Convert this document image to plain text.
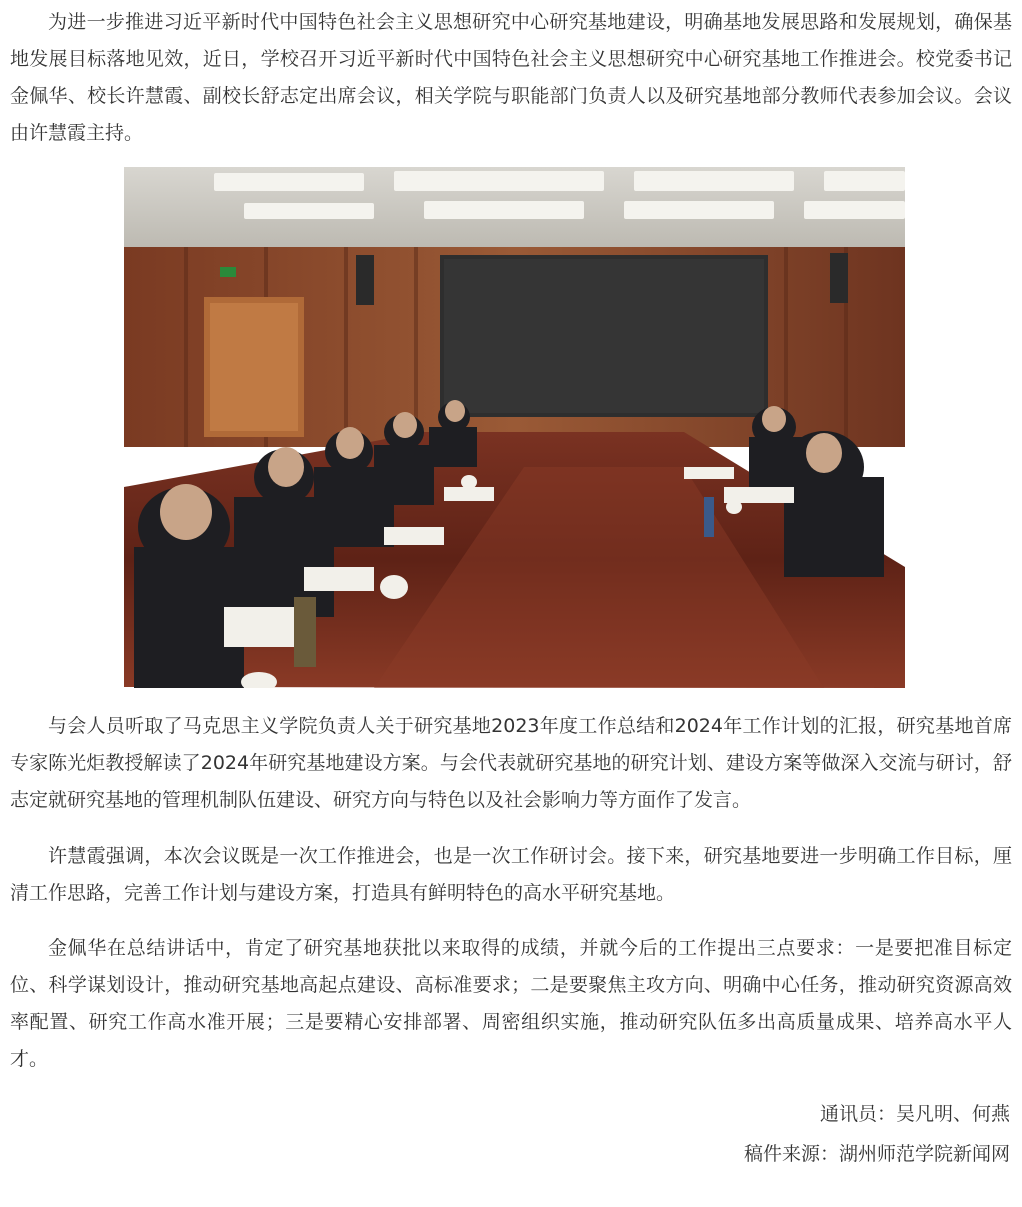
为进一步推进习近平新时代中国特色社会主义思想研究中心研究基地建设，明确基地发展思路和发展规划，确保基地发展目标落地见效，近日，学校召开习近平新时代中国特色社会主义思想研究中心研究基地工作推进会。校党委书记金佩华、校长许慧霞、副校长舒志定出席会议，相关学院与职能部门负责人以及研究基地部分教师代表参加会议。会议由许慧霞主持。

与会人员听取了马克思主义学院负责人关于研究基地2023年度工作总结和2024年工作计划的汇报，研究基地首席专家陈光炬教授解读了2024年研究基地建设方案。与会代表就研究基地的研究计划、建设方案等做深入交流与研讨，舒志定就研究基地的管理机制队伍建设、研究方向与特色以及社会影响力等方面作了发言。

许慧霞强调，本次会议既是一次工作推进会，也是一次工作研讨会。接下来，研究基地要进一步明确工作目标，厘清工作思路，完善工作计划与建设方案，打造具有鲜明特色的高水平研究基地。

金佩华在总结讲话中，肯定了研究基地获批以来取得的成绩，并就今后的工作提出三点要求：一是要把准目标定位、科学谋划设计，推动研究基地高起点建设、高标准要求；二是要聚焦主攻方向、明确中心任务，推动研究资源高效率配置、研究工作高水准开展；三是要精心安排部署、周密组织实施，推动研究队伍多出高质量成果、培养高水平人才。

通讯员：吴凡明、何燕
稿件来源：湖州师范学院新闻网
